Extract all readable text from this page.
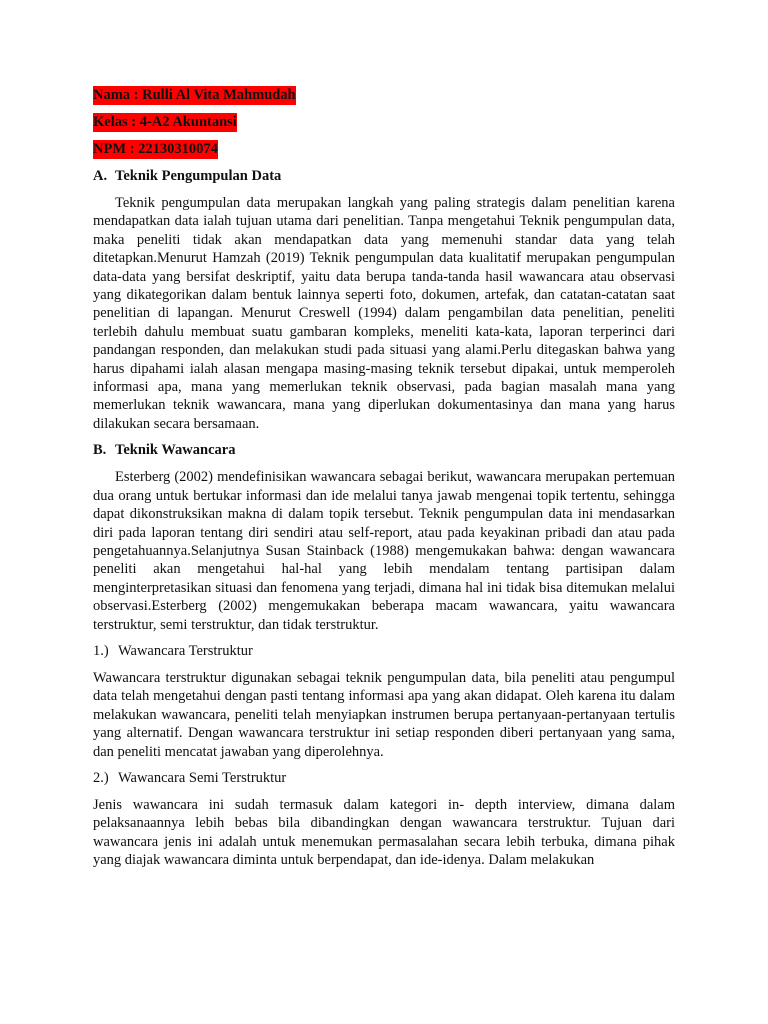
Nama : Rulli Al Vita Mahmudah
Kelas : 4-A2 Akuntansi
NPM : 22130310074
A. Teknik Pengumpulan Data

Teknik pengumpulan data merupakan langkah yang paling strategis dalam penelitian karena mendapatkan data ialah tujuan utama dari penelitian. Tanpa mengetahui Teknik pengumpulan data, maka peneliti tidak akan mendapatkan data yang memenuhi standar data yang telah ditetapkan.Menurut Hamzah (2019) Teknik pengumpulan data kualitatif merupakan pengumpulan data-data yang bersifat deskriptif, yaitu data berupa tanda-tanda hasil wawancara atau observasi yang dikategorikan dalam bentuk lainnya seperti foto, dokumen, artefak, dan catatan-catatan saat penelitian di lapangan. Menurut Creswell (1994) dalam pengambilan data penelitian, peneliti terlebih dahulu membuat suatu gambaran kompleks, meneliti kata-kata, laporan terperinci dari pandangan responden, dan melakukan studi pada situasi yang alami.Perlu ditegaskan bahwa yang harus dipahami ialah alasan mengapa masing-masing teknik tersebut dipakai, untuk memperoleh informasi apa, mana yang memerlukan teknik observasi, pada bagian masalah mana yang memerlukan teknik wawancara, mana yang diperlukan dokumentasinya dan mana yang harus dilakukan secara bersamaan.

B. Teknik Wawancara

Esterberg (2002) mendefinisikan wawancara sebagai berikut, wawancara merupakan pertemuan dua orang untuk bertukar informasi dan ide melalui tanya jawab mengenai topik tertentu, sehingga dapat dikonstruksikan makna di dalam topik tersebut. Teknik pengumpulan data ini mendasarkan diri pada laporan tentang diri sendiri atau self-report, atau pada keyakinan pribadi dan atau pada pengetahuannya.Selanjutnya Susan Stainback (1988) mengemukakan bahwa: dengan wawancara peneliti akan mengetahui hal-hal yang lebih mendalam tentang partisipan dalam menginterpretasikan situasi dan fenomena yang terjadi, dimana hal ini tidak bisa ditemukan melalui observasi.Esterberg (2002) mengemukakan beberapa macam wawancara, yaitu wawancara terstruktur, semi terstruktur, dan tidak terstruktur.

1.) Wawancara Terstruktur

Wawancara terstruktur digunakan sebagai teknik pengumpulan data, bila peneliti atau pengumpul data telah mengetahui dengan pasti tentang informasi apa yang akan didapat. Oleh karena itu dalam melakukan wawancara, peneliti telah menyiapkan instrumen berupa pertanyaan-pertanyaan tertulis yang alternatif. Dengan wawancara terstruktur ini setiap responden diberi pertanyaan yang sama, dan peneliti mencatat jawaban yang diperolehnya.

2.) Wawancara Semi Terstruktur

Jenis wawancara ini sudah termasuk dalam kategori in- depth interview, dimana dalam pelaksanaannya lebih bebas bila dibandingkan dengan wawancara terstruktur. Tujuan dari wawancara jenis ini adalah untuk menemukan permasalahan secara lebih terbuka, dimana pihak yang diajak wawancara diminta untuk berpendapat, dan ide-idenya. Dalam melakukan
